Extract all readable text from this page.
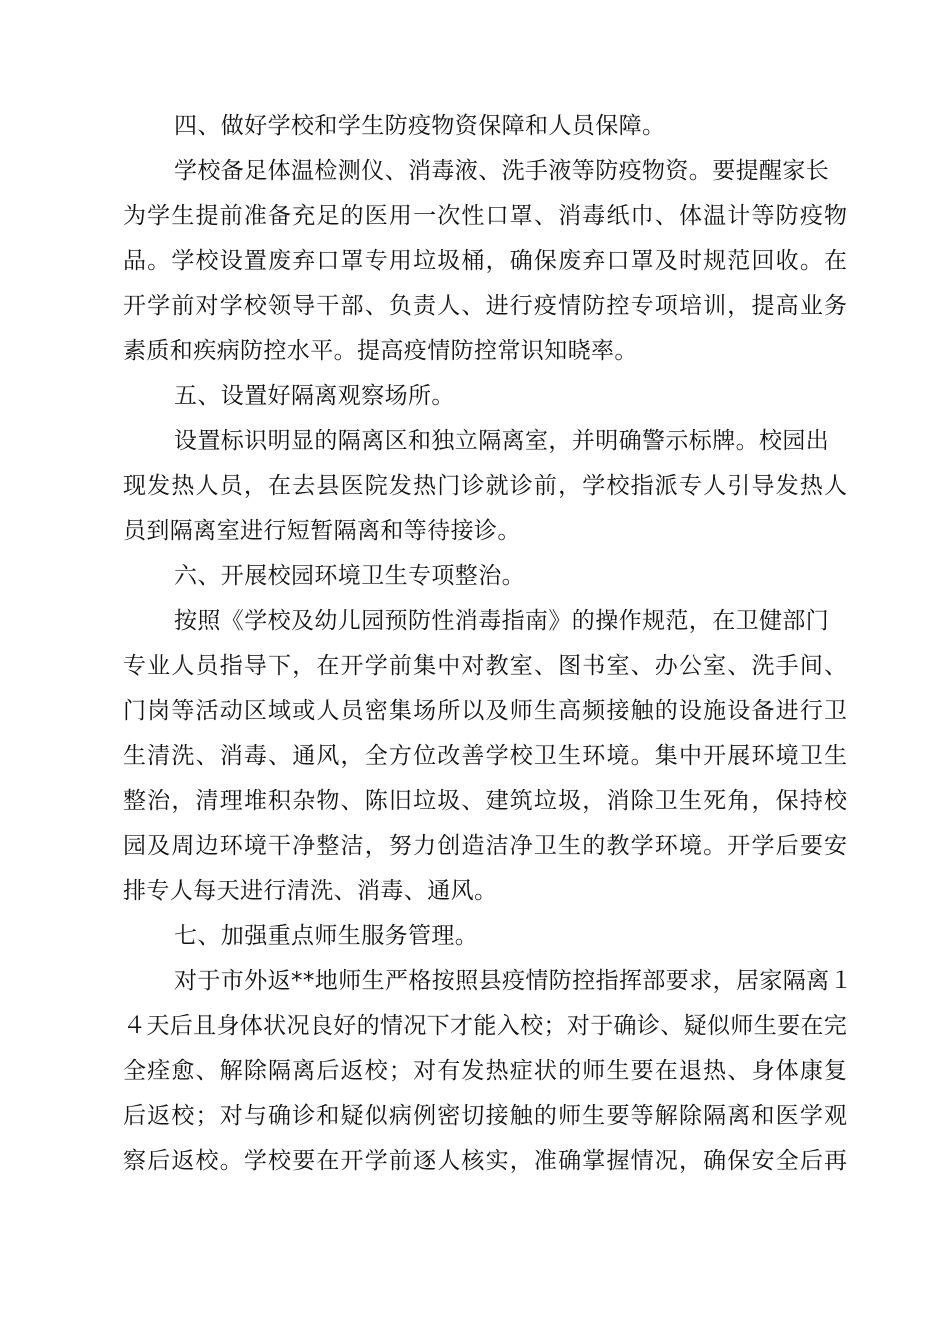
四、做好学校和学生防疫物资保障和人员保障。
学校备足体温检测仪、消毒液、洗手液等防疫物资。要提醒家长
为 学 生 提 前 准 备 充 足 的 医 用 一 次 性 口 罩 、 消 毒 纸 巾 、 体 温 计 等 防 疫 物
品 。 学 校 设 置 废 弃 口 罩 专 用 垃 圾 桶 ， 确 保 废 弃 口 罩 及 时 规 范 回 收 。 在
开 学 前 对 学 校 领 导 干 部 、 负 责 人 、 进 行 疫 情 防 控 专 项 培 训 ， 提 高 业 务
素质和疾病防控水平。提高疫情防控常识知晓率。
五、设置好隔离观察场所。
设置标识明显的隔离区和独立隔离室，并明确警示标牌。校园出
现 发 热 人 员 ， 在 去 县 医 院 发 热 门 诊 就 诊 前 ， 学 校 指 派 专 人 引 导 发 热 人
员到隔离室进行短暂隔离和等待接诊。
六、开展校园环境卫生专项整治。
按照《学校及幼儿园预防性消毒指南》的操作规范，在卫健部门
专 业 人 员 指 导 下 ， 在 开 学 前 集 中 对 教 室 、 图 书 室 、 办 公 室 、 洗 手 间 、
门 岗 等 活 动 区 域 或 人 员 密 集 场 所 以 及 师 生 高 频 接 触 的 设 施 设 备 进 行 卫
生 清 洗 、 消 毒 、 通 风 ， 全 方 位 改 善 学 校 卫 生 环 境 。 集 中 开 展 环 境 卫 生
整 治 ， 清 理 堆 积 杂 物 、 陈 旧 垃 圾 、 建 筑 垃 圾 ， 消 除 卫 生 死 角 ， 保 持 校
园 及 周 边 环 境 干 净 整 洁 ， 努 力 创 造 洁 净 卫 生 的 教 学 环 境 。 开 学 后 要 安
排专人每天进行清洗、消毒、通风。
七、加强重点师生服务管理。
对于市外返**地师生严格按照县疫情防控指挥部要求，居家隔离１
４ 天 后 且 身 体 状 况 良 好 的 情 况 下 才 能 入 校 ； 对 于 确 诊 、 疑 似 师 生 要 在 完
全 痊 愈 、 解 除 隔 离 后 返 校 ； 对 有 发 热 症 状 的 师 生 要 在 退 热 、 身 体 康 复
后 返 校 ； 对 与 确 诊 和 疑 似 病 例 密 切 接 触 的 师 生 要 等 解 除 隔 离 和 医 学 观
察 后 返 校 。 学 校 要 在 开 学 前 逐 人 核 实 ， 准 确 掌 握 情 况 ， 确 保 安 全 后 再
